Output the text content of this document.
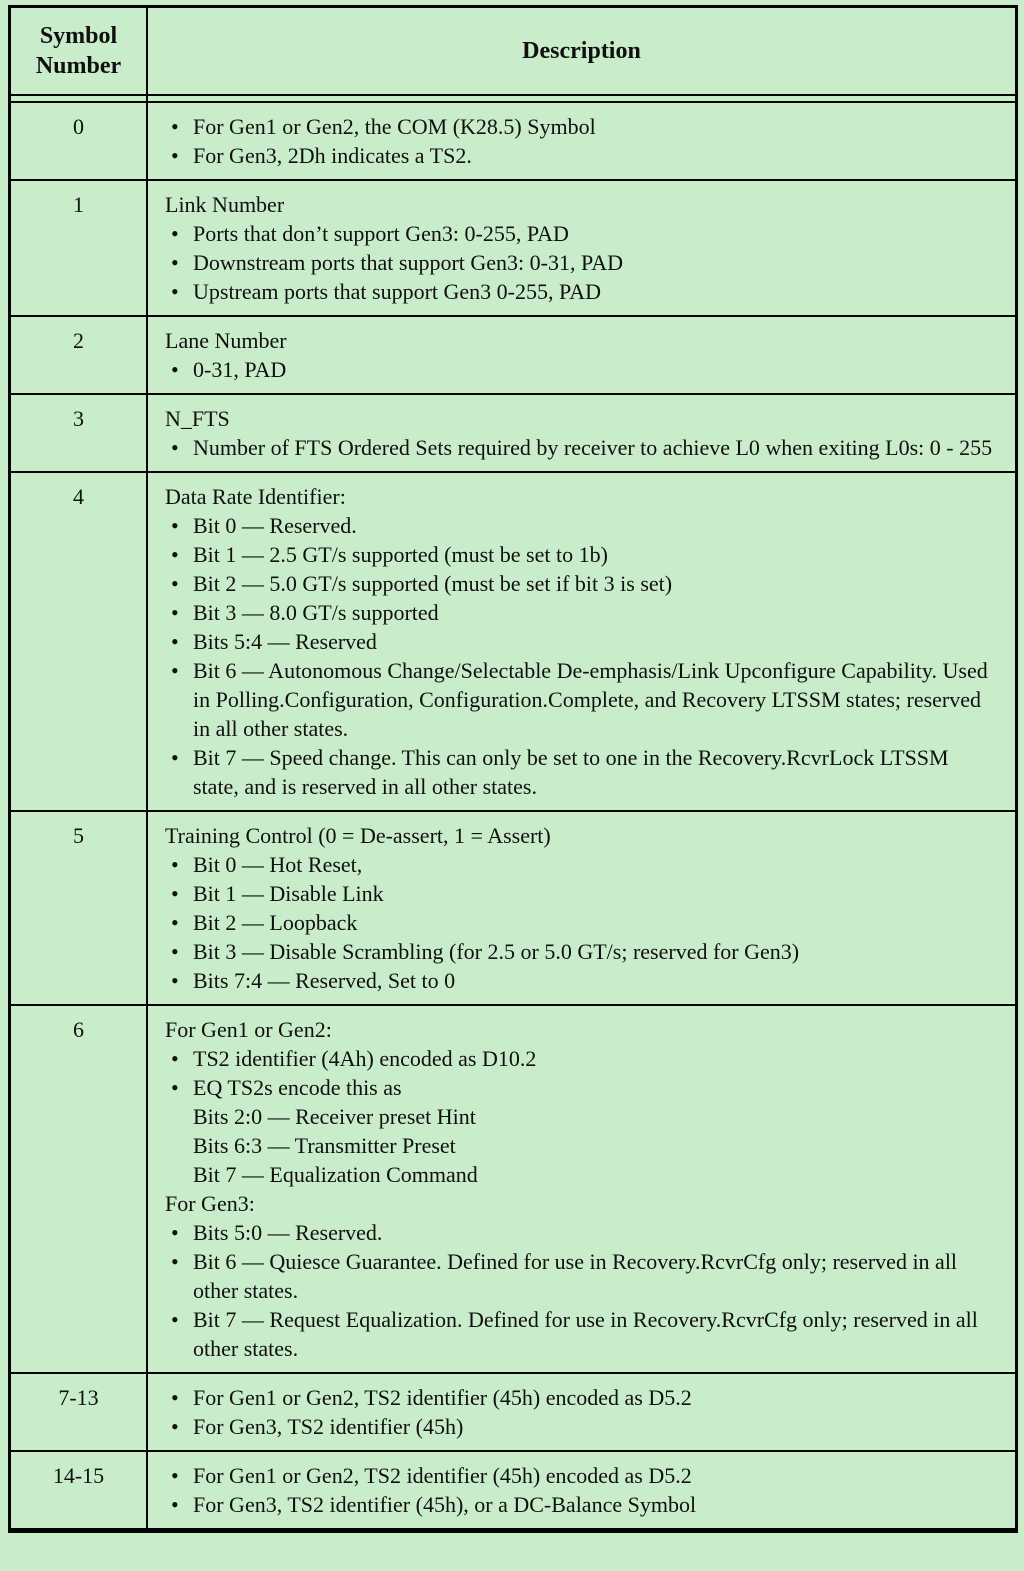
Symbol Number
Description
0	• For Gen1 or Gen2, the COM (K28.5) Symbol
• For Gen3, 2Dh indicates a TS2.
1	Link Number
• Ports that don’t support Gen3: 0-255, PAD
• Downstream ports that support Gen3: 0-31, PAD
• Upstream ports that support Gen3 0-255, PAD
2	Lane Number
• 0-31, PAD
3	N_FTS
• Number of FTS Ordered Sets required by receiver to achieve L0 when exiting L0s: 0 - 255
4	Data Rate Identifier:
• Bit 0 — Reserved.
• Bit 1 — 2.5 GT/s supported (must be set to 1b)
• Bit 2 — 5.0 GT/s supported (must be set if bit 3 is set)
• Bit 3 — 8.0 GT/s supported
• Bits 5:4 — Reserved
• Bit 6 — Autonomous Change/Selectable De-emphasis/Link Upconfigure Capability. Used in Polling.Configuration, Configuration.Complete, and Recovery LTSSM states; reserved in all other states.
• Bit 7 — Speed change. This can only be set to one in the Recovery.RcvrLock LTSSM state, and is reserved in all other states.
5	Training Control (0 = De-assert, 1 = Assert)
• Bit 0 — Hot Reset,
• Bit 1 — Disable Link
• Bit 2 — Loopback
• Bit 3 — Disable Scrambling (for 2.5 or 5.0 GT/s; reserved for Gen3)
• Bits 7:4 — Reserved, Set to 0
6	For Gen1 or Gen2:
• TS2 identifier (4Ah) encoded as D10.2
• EQ TS2s encode this as
Bits 2:0 — Receiver preset Hint
Bits 6:3 — Transmitter Preset
Bit 7 — Equalization Command
For Gen3:
• Bits 5:0 — Reserved.
• Bit 6 — Quiesce Guarantee. Defined for use in Recovery.RcvrCfg only; reserved in all other states.
• Bit 7 — Request Equalization. Defined for use in Recovery.RcvrCfg only; reserved in all other states.
7-13	• For Gen1 or Gen2, TS2 identifier (45h) encoded as D5.2
• For Gen3, TS2 identifier (45h)
14-15	• For Gen1 or Gen2, TS2 identifier (45h) encoded as D5.2
• For Gen3, TS2 identifier (45h), or a DC-Balance Symbol
